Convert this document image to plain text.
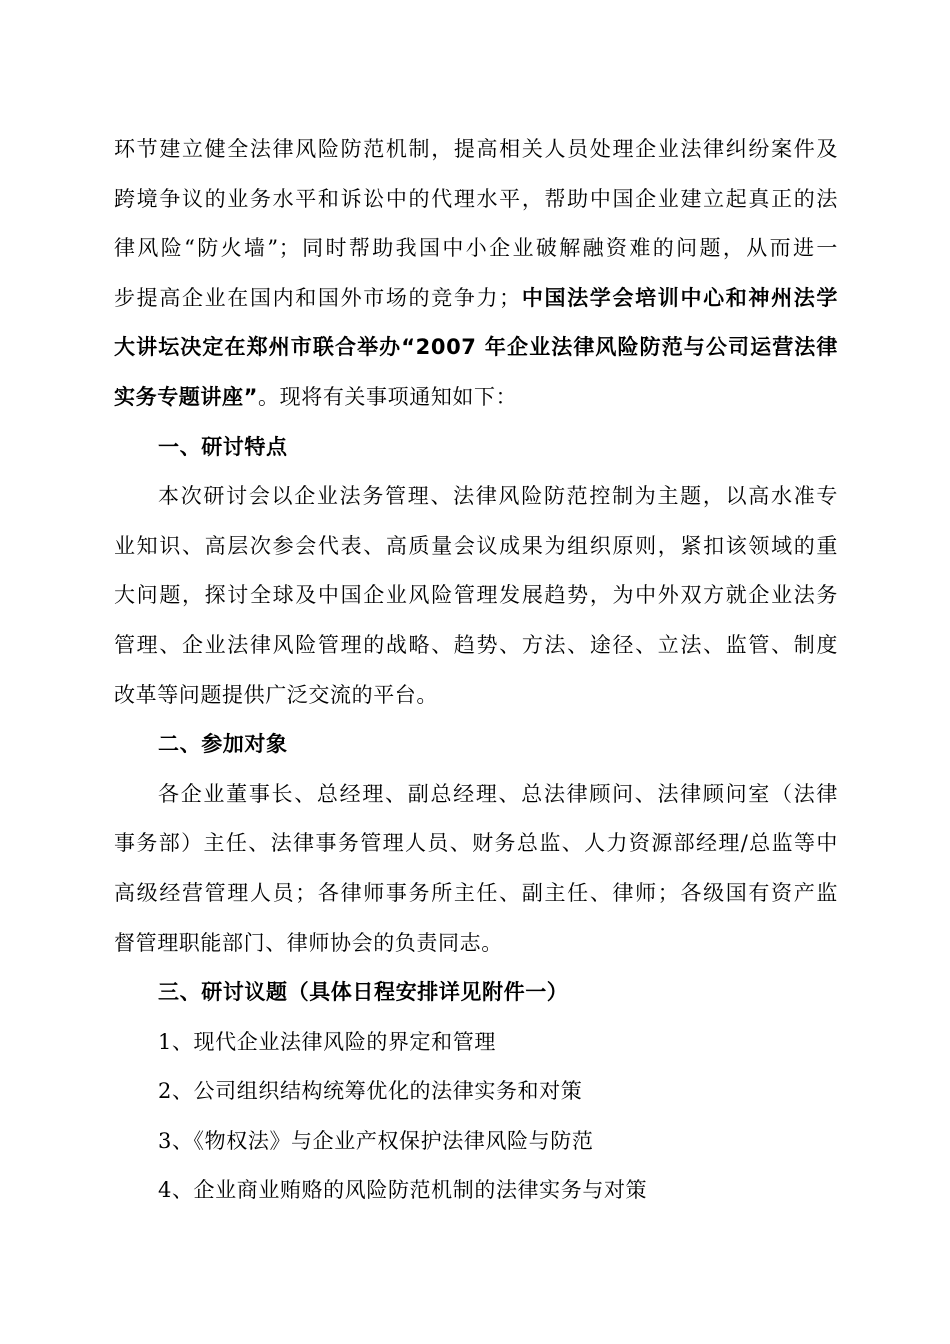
环节建立健全法律风险防范机制，提高相关人员处理企业法律纠纷案件及
跨境争议的业务水平和诉讼中的代理水平，帮助中国企业建立起真正的法
律风险“防火墙”；同时帮助我国中小企业破解融资难的问题，从而进一
步提高企业在国内和国外市场的竞争力；中国法学会培训中心和神州法学
大讲坛决定在郑州市联合举办“2007 年企业法律风险防范与公司运营法律
实务专题讲座”。现将有关事项通知如下：
一、研讨特点
本次研讨会以企业法务管理、法律风险防范控制为主题，以高水准专
业知识、高层次参会代表、高质量会议成果为组织原则，紧扣该领域的重
大问题，探讨全球及中国企业风险管理发展趋势，为中外双方就企业法务
管理、企业法律风险管理的战略、趋势、方法、途径、立法、监管、制度
改革等问题提供广泛交流的平台。
二、参加对象
各企业董事长、总经理、副总经理、总法律顾问、法律顾问室（法律
事务部）主任、法律事务管理人员、财务总监、人力资源部经理/总监等中
高级经营管理人员；各律师事务所主任、副主任、律师；各级国有资产监
督管理职能部门、律师协会的负责同志。
三、研讨议题（具体日程安排详见附件一）
1、现代企业法律风险的界定和管理
2、公司组织结构统筹优化的法律实务和对策
3、《物权法》与企业产权保护法律风险与防范
4、企业商业贿赂的风险防范机制的法律实务与对策
